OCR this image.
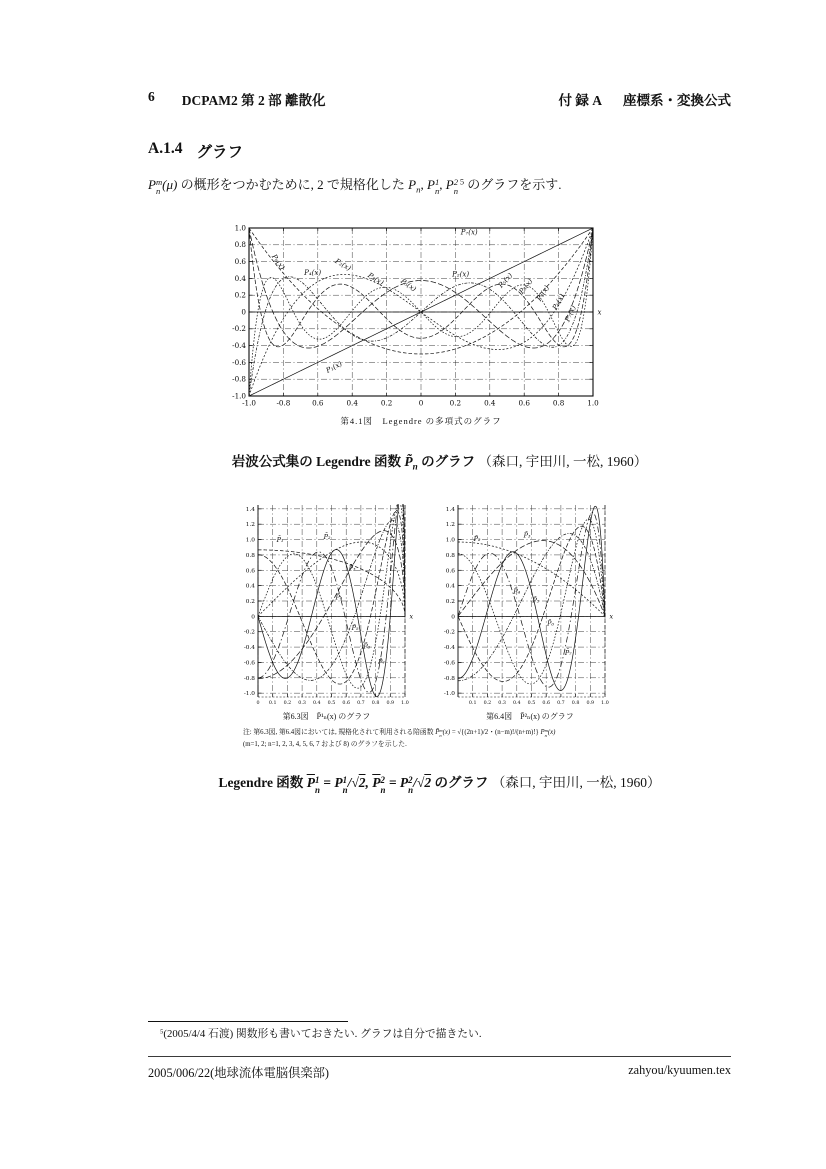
6 DCPAM2 第 2 部 離散化	付 録 A 座標系・変換公式
A.1.4 グラフ
P m
n (μ) の概形をつかむために, 2 で規格化した $P_n$, P 1
n , P 2
n
$^5$ のグラフを示す.
x
-1.0	-0.8	0.6	0.4	0.2	0	0.2	0.4	0.6	0.8	1.0
1.0
0.8
0.6
0.4
0.2
0
-0.2
-0.4
-0.6
-0.8
-1.0
P₇(x)
P₆(x)
P₄(x)
P₂(x)
P₃(x) P₅(x)
P₂(x)	P₅(x) P₃(x) P₄(x) P₆(x)
P₇(x)
P₁(x)
第4.1図　Legendre の多項式のグラフ
岩波公式集の Legendre 函数 $P̃_n$ のグラフ （森口, 宇田川, 一松, 1960）
x
0 0.1 0.2 0.3 0.4 0.5 0.6 0.7 0.8 0.9 1.0
1.4
1.2
1.0
0.8
0.6
0.4
0.2
0
-0.2
-0.4
-0.6
-0.8
-1.0
P̄₁	P̄₂
P̄₃
P̄₄
P̄₅
P̄₆
P̄₇
x
0.1 0.2 0.3 0.4 0.5 0.6 0.7 0.8 0.9 1.0
1.4
1.2
1.0
0.8
0.6
0.4
0.2
0
-0.2
-0.4
-0.6
-0.8
-1.0
P̄₂	P̄₃
P̄₄
P̄₅
P̄₆
P̄₇
第6.3図　P̄¹ₙ(x) のグラフ	第6.4図　P̄²ₙ(x) のグラフ
注: 第6.3図, 第6.4図においては, 規格化されて利用される陪函数 P̄ m
n (x) = √{(2n+1)/2・(n−m)!/(n+m)!} P m
n (x)
(m=1, 2; n=1, 2, 3, 4, 5, 6, 7 および 8) のグラフを示した.
Legendre 函数 P 1
n = P 1
n /√2, P 2
n = P 2
n /√2 のグラフ （森口, 宇田川, 一松, 1960）
$^5$(2005/4/4 石渡) 関数形も書いておきたい. グラフは自分で描きたい.
2005/006/22(地球流体電脳倶楽部)	zahyou/kyuumen.tex
